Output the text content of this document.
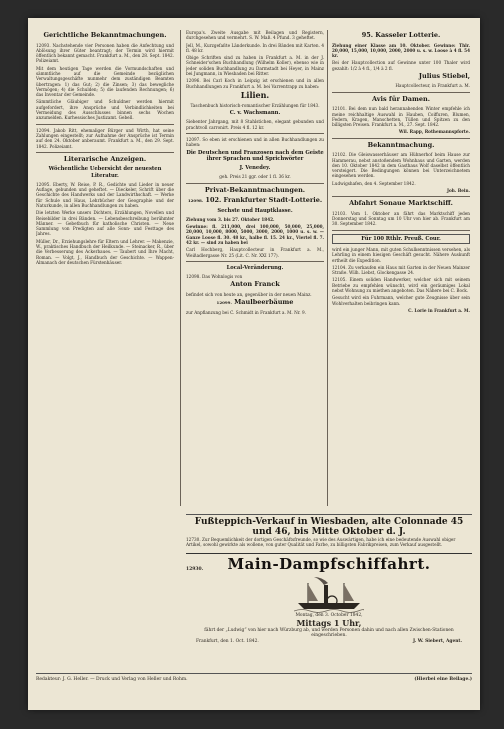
Gerichtliche Bekanntmachungen.

12093. Nachstehende vier Personen haben die Anfechtung und Ablösung ihrer Güter beantragt; der Termin wird hiermit öffentlich bekannt gemacht. Frankfurt a. M., den 28. Sept. 1842. Polizeiamt.

Mit dem heutigen Tage werden die Vormundschaften und sämmtliche auf die Gemeinde bezüglichen Verwaltungsgeschäfte nunmehr dem zuständigen Beamten übertragen: 1) das Gut; 2) die Zinsen; 3) das bewegliche Vermögen; 4) die Schulden; 5) die laufenden Rechnungen; 6) das Inventar der Gemeinde.

Sämmtliche Gläubiger und Schuldner werden hiermit aufgefordert, ihre Ansprüche und Verbindlichkeiten bei Vermeidung des Ausschlusses binnen sechs Wochen anzumelden. Kurhessisches Justizamt. Gebell.

12094. Jakob Ritt, ehemaliger Bürger und Wirth, hat seine Zahlungen eingestellt; zur Aufnahme der Ansprüche ist Termin auf den 24. Oktober anberaumt. Frankfurt a. M., den 29. Sept. 1842. Polizeiamt.

Literarische Anzeigen.
Wöchentliche Uebersicht der neuesten Literatur.

12095. Eberty, W. Reise, P. R., Gedichte und Lieder in neuer Auflage, gebunden und geheftet. — Dieckeler, Schrift über die Geschichte des Handwerks und der Landwirthschaft. — Werke für Schule und Haus, Lehrbücher der Geographie und der Naturkunde, in allen Buchhandlungen zu haben.

Die letzten Werke unsers Dichters, Erzählungen, Novellen und Reisebilder in drei Bänden. — Lebensbeschreibung berühmter Männer. — Gebetbuch für katholische Christen. — Neue Sammlung von Predigten auf alle Sonn- und Festtage des Jahres.

Müller, Dr., Erziehungslehre für Eltern und Lehrer. — Makenzie, W., praktisches Handbuch der Heilkunde. — Steinacker, R., über die Verbesserung des Ackerbaues. — Taubert und Ihre Macht, Roman. — Volgt, J., Handbuch der Geschichte. — Wappen-Almanach der deutschen Fürstenhäuser.

Europa's. Zweite Ausgabe mit Beilagen und Registern, durchgesehen und vermehrt. S. W. Maß. 4 Pfund. 3 geheftet.

Jell, M., Kurzgefaßte Länderkunde. In drei Bänden mit Karten. 4 fl. 48 kr.

Obige Schriften sind zu haben in Frankfurt a. M. in der J. Schneider'schen Buchhandlung (Wilhelm Koller), ebenso wie in jeder soliden Buchhandlung zu Darmstadt bei Heyer, in Mainz bei Jungmann, in Wiesbaden bei Ritter.

12096. Bei Carl Koch in Leipzig ist erschienen und in allen Buchhandlungen zu Frankfurt a. M. bei Varrentrapp zu haben:

Lilien.
Taschenbuch historisch-romantischer Erzählungen für 1843.
C. v. Wachsmann.

Siebenter Jahrgang, mit 8 Stahlstichen, elegant gebunden und prachtvoll carronirt. Preis 4 fl. 12 kr.

12097. So eben ist erschienen und in allen Buchhandlungen zu haben:

Die Deutschen und Franzosen nach dem Geiste ihrer Sprachen und Sprichwörter
J. Venedey.

geh. Preis 21 ggr. oder 1 fl. 36 kr.

Privat-Bekanntmachungen.
12098. 102. Frankfurter Stadt-Lotterie.
Sechste und Hauptklasse.

Ziehung vom 3. bis 27. Oktober 1842.

Gewinne: fl. 211,000, drei 100,000, 50,000, 25,000, 20,000, 10,000, 8000, 5000, 3000, 2000, 1000 u. s. w. — Ganze Loose fl. 30. 48 kr., halbe fl. 15. 24 kr., Viertel fl. 7. 42 kr. — sind zu haben bei

Carl Hochberg, Hauptcollecteur in Frankfurt a. M., Weißadlergasse Nr. 25 (Lit. C. Nr. XXI 177).

Local-Veränderung.

12098. Das Wohnlogis von

Anton Franck

befindet sich von heute an, gegenüber in der neuen Mainz.

12099. Maulbeerbäume

zur Anpflanzung bei C. Schmidt in Frankfurt a. M. Nr. 9.

95. Kasseler Lotterie.

Ziehung einer Klasse am 10. Oktober. Gewinne: Thlr. 20,000, 15,000, 10,000, 2000, 2000 u. s. w. Loose à 4 fl. 54 kr.

Bei der Hauptcollection auf Gewinne unter 100 Thaler wird gezahlt: 1/2 à 4 fl., 1/4 à 2 fl.

Julius Stiebel,

Hauptcollecteur, in Frankfurt a. M.

Avis für Damen.

12101. Bei dem nun bald herannahenden Winter empfehle ich meine reichhaltige Auswahl in Hauben, Coiffuren, Blumen, Federn, Kragen, Manschetten, Tüllen und Spitzen zu den billigsten Preisen. Frankfurt a. M., 27. Sept. 1842.

Wil. Rapp, Rothemannspforte.

Bekanntmachung.

12102. Die Gleiswasserhäuser am Hühnerhof beim Hause zur Hammerau, nebst anstoßendem Wohnhaus und Garten, werden den 10. Oktober 1842 in dem Gasthaus Wolf daselbst öffentlich versteigert. Die Bedingungen können bei Unterzeichnetem eingesehen werden.

Ludwigshafen, den 4. September 1842.

Joh. Bein.

Abfahrt Sonaue Marktschiff.

12103. Vom 1. Oktober an fährt das Marktschiff jeden Donnerstag und Sonntag um 10 Uhr von hier ab. Frankfurt am 30. September 1842.

Für 100 Rthlr. Preuß. Cour.

wird ein junger Mann, mit guten Schulkenntnissen versehen, als Lehrling in einem hiesigen Geschäft gesucht. Nähere Auskunft ertheilt die Expedition.

12104. Zu verkaufen ein Haus mit Garten in der Neuen Mainzer Straße. Wilh. Liebst, Glockengasse 24.

12105. Einem soliden Handwerker, welcher sich mit seinem Betriebe zu empfehlen wünscht, wird ein geräumiges Lokal nebst Wohnung zu miethen angeboten. Das Nähere bei C. Bock.

Gesucht wird ein Fuhrmann, welcher gute Zeugnisse über sein Wohlverhalten beibringen kann.

C. Lorie in Frankfurt a. M.

Fußteppich-Verkauf in Wiesbaden, alte Colonnade 45 und 46, bis Mitte Oktober d. J.
12730. Zur Bequemlichkeit der dortigen Geschäftsfreunde, so wie des Auswärtigen, habe ich eine bedeutende Auswahl obiger Artikel, sowohl gewirkte als wollene, von guter Qualität und Farbe, zu billigsten Fabrikpreisen, zum Verkauf ausgestellt.
12930.	Main-Dampfschiffahrt.
Montag, den 3. October 1842,
Mittags 1 Uhr,
fährt der „Ludwig“ von hier nach Würzburg ab, und werden Personen dahin und nach allen Zwischen-Stationen eingeschrieben.
Frankfurt, den 1. Oct. 1842.	J. W. Siebert, Agent.
Redakteur: J. G. Heller. — Druck und Verlag von Heller und Rohm.	(Hierbei eine Beilage.)
